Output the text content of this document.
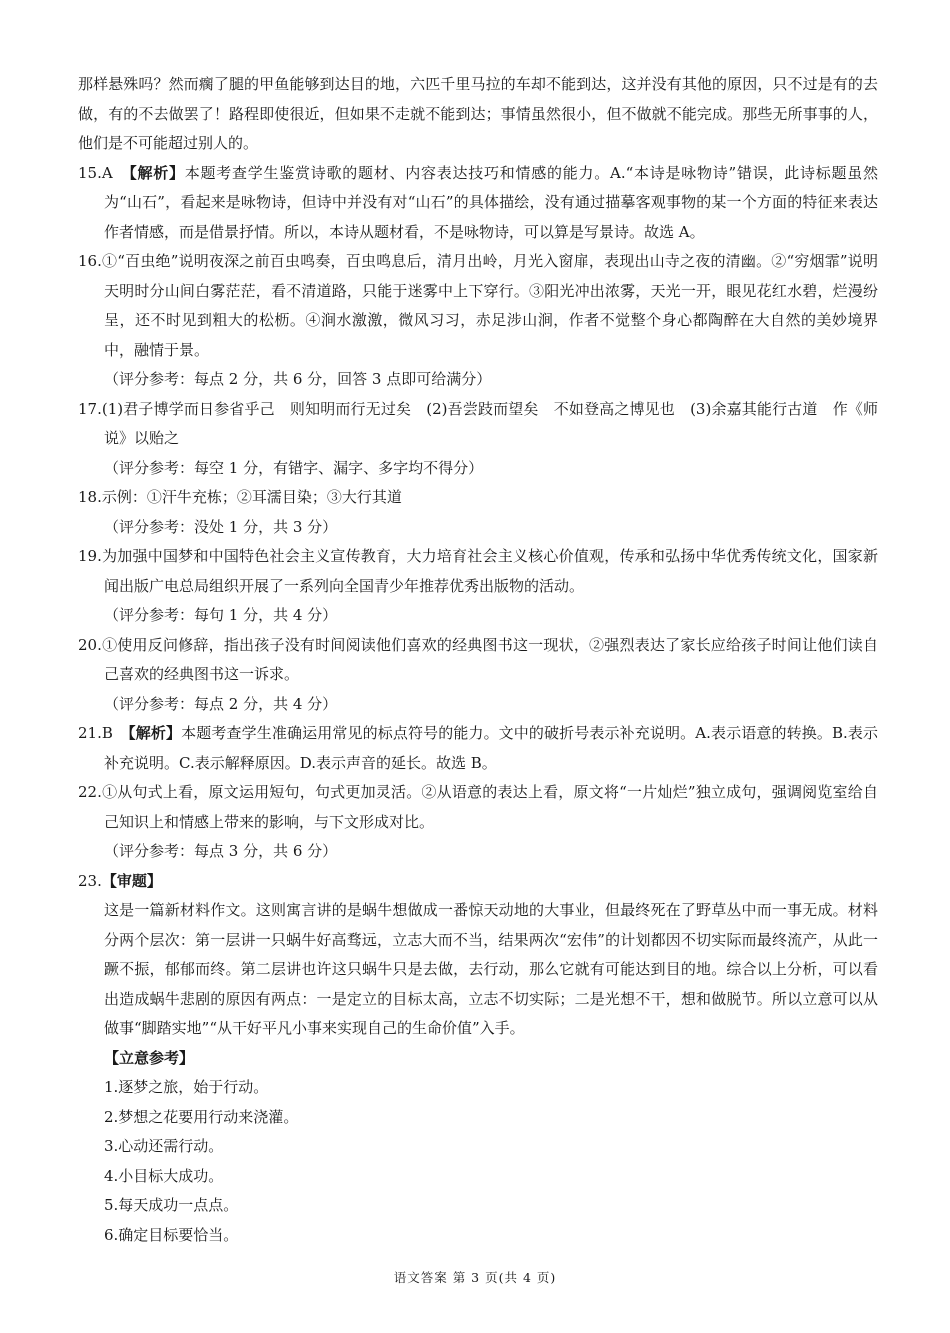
那样悬殊吗？然而瘸了腿的甲鱼能够到达目的地，六匹千里马拉的车却不能到达，这并没有其他的原因，只不过是有的去做，有的不去做罢了！路程即使很近，但如果不走就不能到达；事情虽然很小，但不做就不能完成。那些无所事事的人，他们是不可能超过别人的。

15.A　 【解析】本题考查学生鉴赏诗歌的题材、内容表达技巧和情感的能力。A.“本诗是咏物诗”错误，此诗标题虽然为“山石”，看起来是咏物诗，但诗中并没有对“山石”的具体描绘，没有通过描摹客观事物的某一个方面的特征来表达作者情感，而是借景抒情。所以，本诗从题材看，不是咏物诗，可以算是写景诗。故选 A。

16.①“百虫绝”说明夜深之前百虫鸣奏，百虫鸣息后，清月出岭，月光入窗扉，表现出山寺之夜的清幽。②“穷烟霏”说明天明时分山间白雾茫茫，看不清道路，只能于迷雾中上下穿行。③阳光冲出浓雾，天光一开，眼见花红水碧，烂漫纷呈，还不时见到粗大的松枥。④涧水激激，微风习习，赤足涉山涧，作者不觉整个身心都陶醉在大自然的美妙境界中，融情于景。

（评分参考：每点 2 分，共 6 分，回答 3 点即可给满分）

17.(1)君子博学而日参省乎己　则知明而行无过矣　(2)吾尝跂而望矣　不如登高之博见也　(3)余嘉其能行古道　作《师说》以贻之

（评分参考：每空 1 分，有错字、漏字、多字均不得分）

18.示例：①汗牛充栋；②耳濡目染；③大行其道

（评分参考：没处 1 分，共 3 分）

19.为加强中国梦和中国特色社会主义宣传教育，大力培育社会主义核心价值观，传承和弘扬中华优秀传统文化，国家新闻出版广电总局组织开展了一系列向全国青少年推荐优秀出版物的活动。

（评分参考：每句 1 分，共 4 分）

20.①使用反问修辞，指出孩子没有时间阅读他们喜欢的经典图书这一现状，②强烈表达了家长应给孩子时间让他们读自己喜欢的经典图书这一诉求。

（评分参考：每点 2 分，共 4 分）

21.B　 【解析】本题考查学生准确运用常见的标点符号的能力。文中的破折号表示补充说明。A.表示语意的转换。B.表示补充说明。C.表示解释原因。D.表示声音的延长。故选 B。

22.①从句式上看，原文运用短句，句式更加灵活。②从语意的表达上看，原文将“一片灿烂”独立成句，强调阅览室给自己知识上和情感上带来的影响，与下文形成对比。

（评分参考：每点 3 分，共 6 分）

23.【审题】

这是一篇新材料作文。这则寓言讲的是蜗牛想做成一番惊天动地的大事业，但最终死在了野草丛中而一事无成。材料分两个层次：第一层讲一只蜗牛好高骛远，立志大而不当，结果两次“宏伟”的计划都因不切实际而最终流产，从此一蹶不振，郁郁而终。第二层讲也许这只蜗牛只是去做，去行动，那么它就有可能达到目的地。综合以上分析，可以看出造成蜗牛悲剧的原因有两点：一是定立的目标太高，立志不切实际；二是光想不干，想和做脱节。所以立意可以从做事“脚踏实地”“从干好平凡小事来实现自己的生命价值”入手。

【立意参考】

1.逐梦之旅，始于行动。

2.梦想之花要用行动来浇灌。

3.心动还需行动。

4.小目标大成功。

5.每天成功一点点。

6.确定目标要恰当。

语文答案 第 3 页(共 4 页)
